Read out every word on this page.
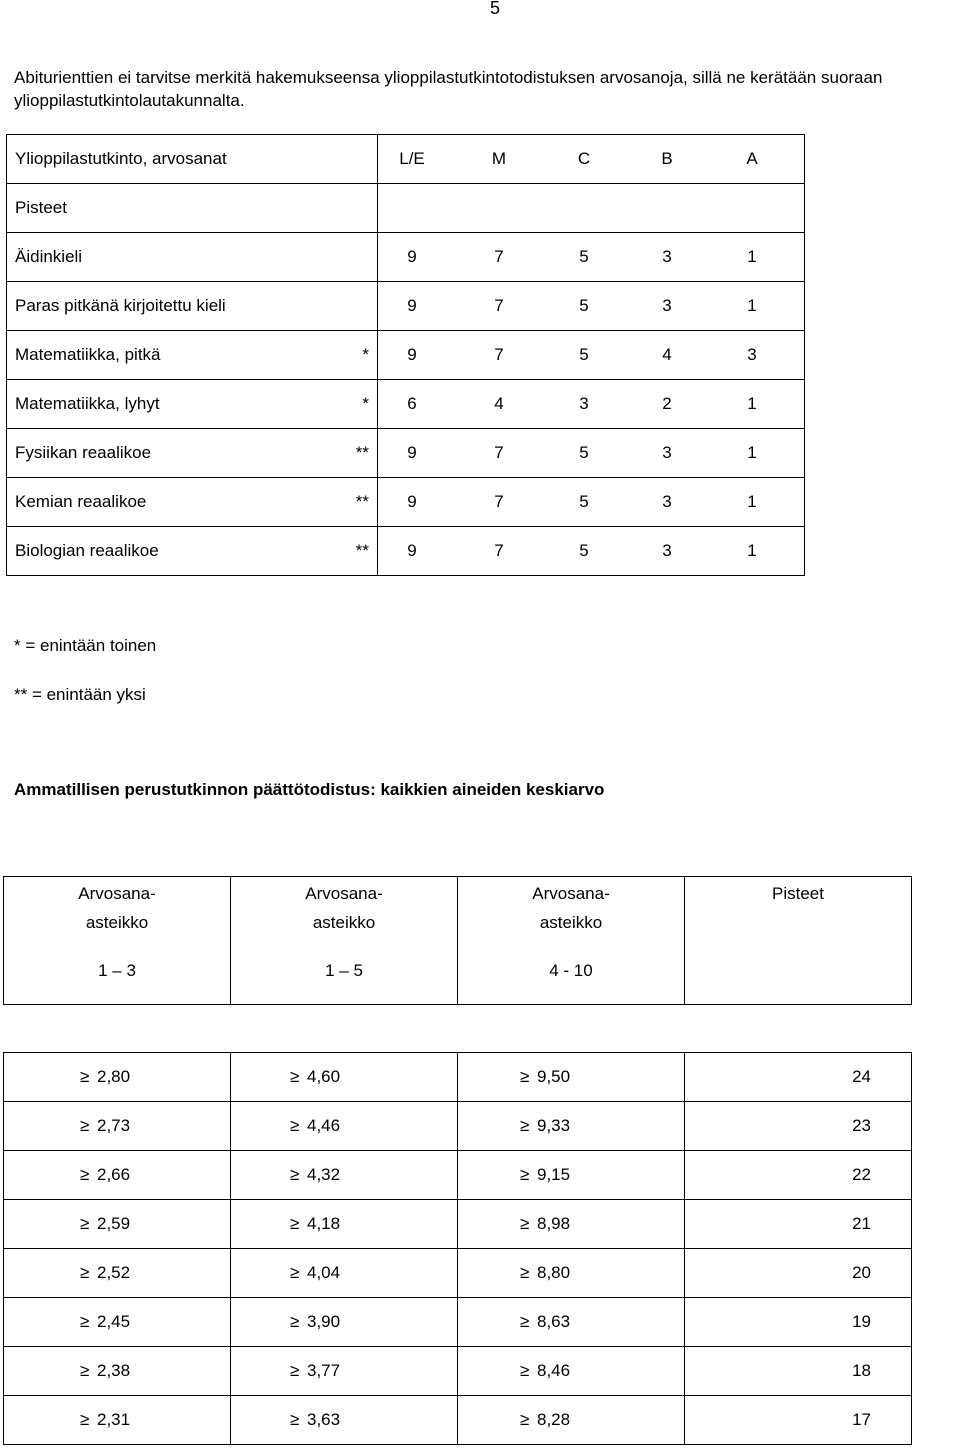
5
Abiturienttien ei tarvitse merkitä hakemukseensa ylioppilastutkintotodistuksen arvosanoja, sillä ne kerätään suoraan ylioppilastutkintolautakunnalta.
Ylioppilastutkinto, arvosanat	L/E M C B A

Pisteet	
Äidinkieli	9 7 5 3 1

Paras pitkänä kirjoitettu kieli	9 7 5 3 1

Matematiikka, pitkä *	9 7 5 4 3

Matematiikka, lyhyt *	6 4 3 2 1

Fysiikan reaalikoe **	9 7 5 3 1

Kemian reaalikoe **	9 7 5 3 1

Biologian reaalikoe **	9 7 5 3 1
* = enintään toinen
** = enintään yksi
Ammatillisen perustutkinnon päättötodistus: kaikkien aineiden keskiarvo
Arvosana-
asteikko
1 – 3
	Arvosana-
asteikko
1 – 5
	Arvosana-
asteikko
4 - 10
	Pisteet
≥ 2,80	≥ 4,60	≥ 9,50	24

≥ 2,73	≥ 4,46	≥ 9,33	23

≥ 2,66	≥ 4,32	≥ 9,15	22

≥ 2,59	≥ 4,18	≥ 8,98	21

≥ 2,52	≥ 4,04	≥ 8,80	20

≥ 2,45	≥ 3,90	≥ 8,63	19

≥ 2,38	≥ 3,77	≥ 8,46	18

≥ 2,31	≥ 3,63	≥ 8,28	17
